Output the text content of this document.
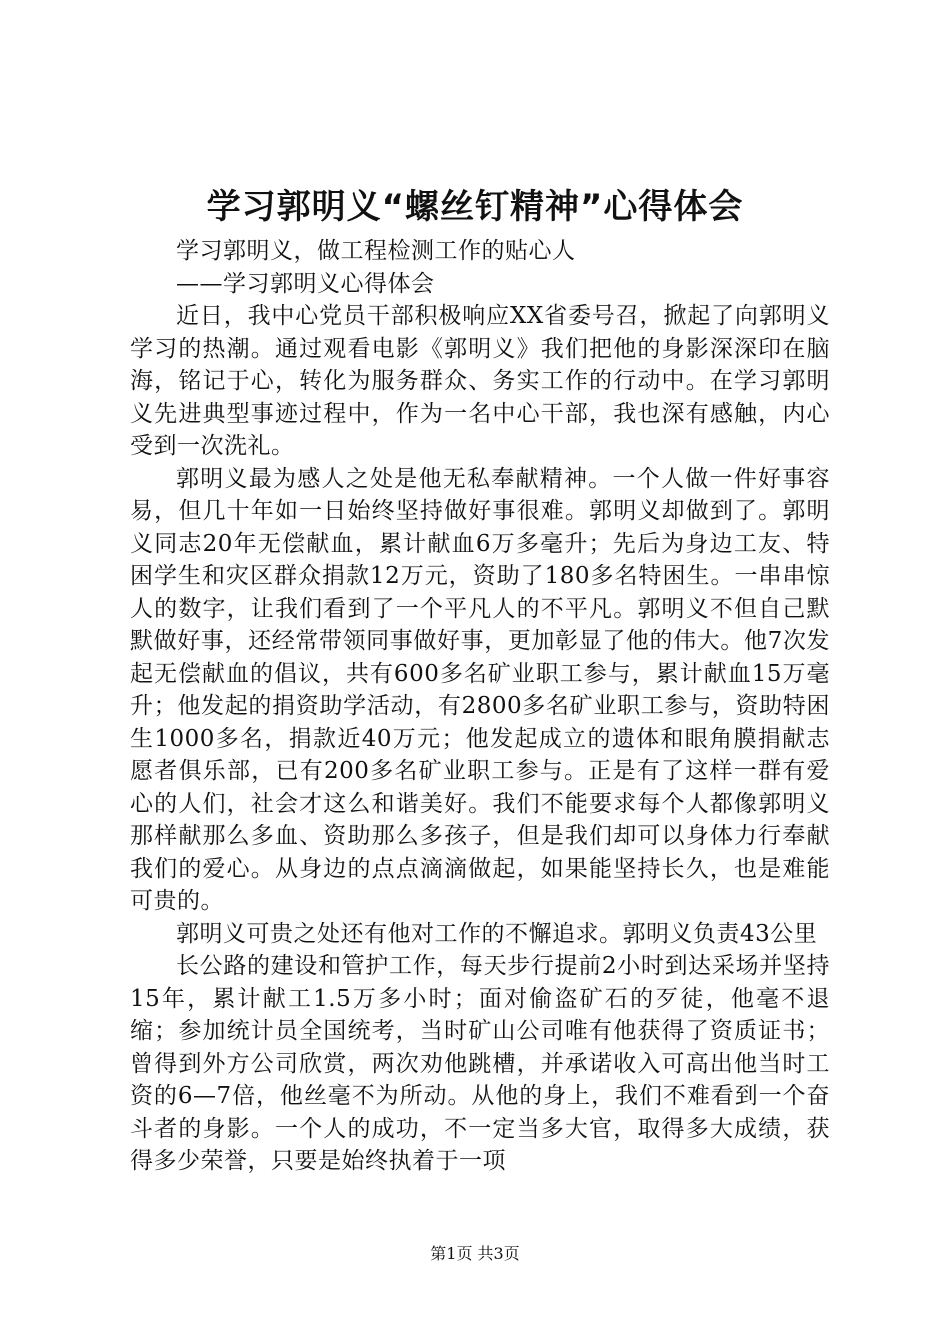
学习郭明义“螺丝钉精神”心得体会

学习郭明义，做工程检测工作的贴心人

——学习郭明义心得体会

近日，我中心党员干部积极响应XX省委号召，掀起了向郭明义学习的热潮。通过观看电影《郭明义》我们把他的身影深深印在脑海，铭记于心，转化为服务群众、务实工作的行动中。在学习郭明义先进典型事迹过程中，作为一名中心干部，我也深有感触，内心受到一次洗礼。

郭明义最为感人之处是他无私奉献精神。一个人做一件好事容易，但几十年如一日始终坚持做好事很难。郭明义却做到了。郭明义同志20年无偿献血，累计献血6万多毫升；先后为身边工友、特困学生和灾区群众捐款12万元，资助了180多名特困生。一串串惊人的数字，让我们看到了一个平凡人的不平凡。郭明义不但自己默默做好事，还经常带领同事做好事，更加彰显了他的伟大。他7次发起无偿献血的倡议，共有600多名矿业职工参与，累计献血15万毫升；他发起的捐资助学活动，有2800多名矿业职工参与，资助特困生1000多名，捐款近40万元；他发起成立的遗体和眼角膜捐献志愿者俱乐部，已有200多名矿业职工参与。正是有了这样一群有爱心的人们，社会才这么和谐美好。我们不能要求每个人都像郭明义那样献那么多血、资助那么多孩子，但是我们却可以身体力行奉献我们的爱心。从身边的点点滴滴做起，如果能坚持长久，也是难能可贵的。

郭明义可贵之处还有他对工作的不懈追求。郭明义负责43公里

长公路的建设和管护工作，每天步行提前2小时到达采场并坚持15年，累计献工1.5万多小时；面对偷盗矿石的歹徒，他毫不退缩；参加统计员全国统考，当时矿山公司唯有他获得了资质证书；曾得到外方公司欣赏，两次劝他跳槽，并承诺收入可高出他当时工资的6—7倍，他丝毫不为所动。从他的身上，我们不难看到一个奋斗者的身影。一个人的成功，不一定当多大官，取得多大成绩，获得多少荣誉，只要是始终执着于一项

第1页 共3页
